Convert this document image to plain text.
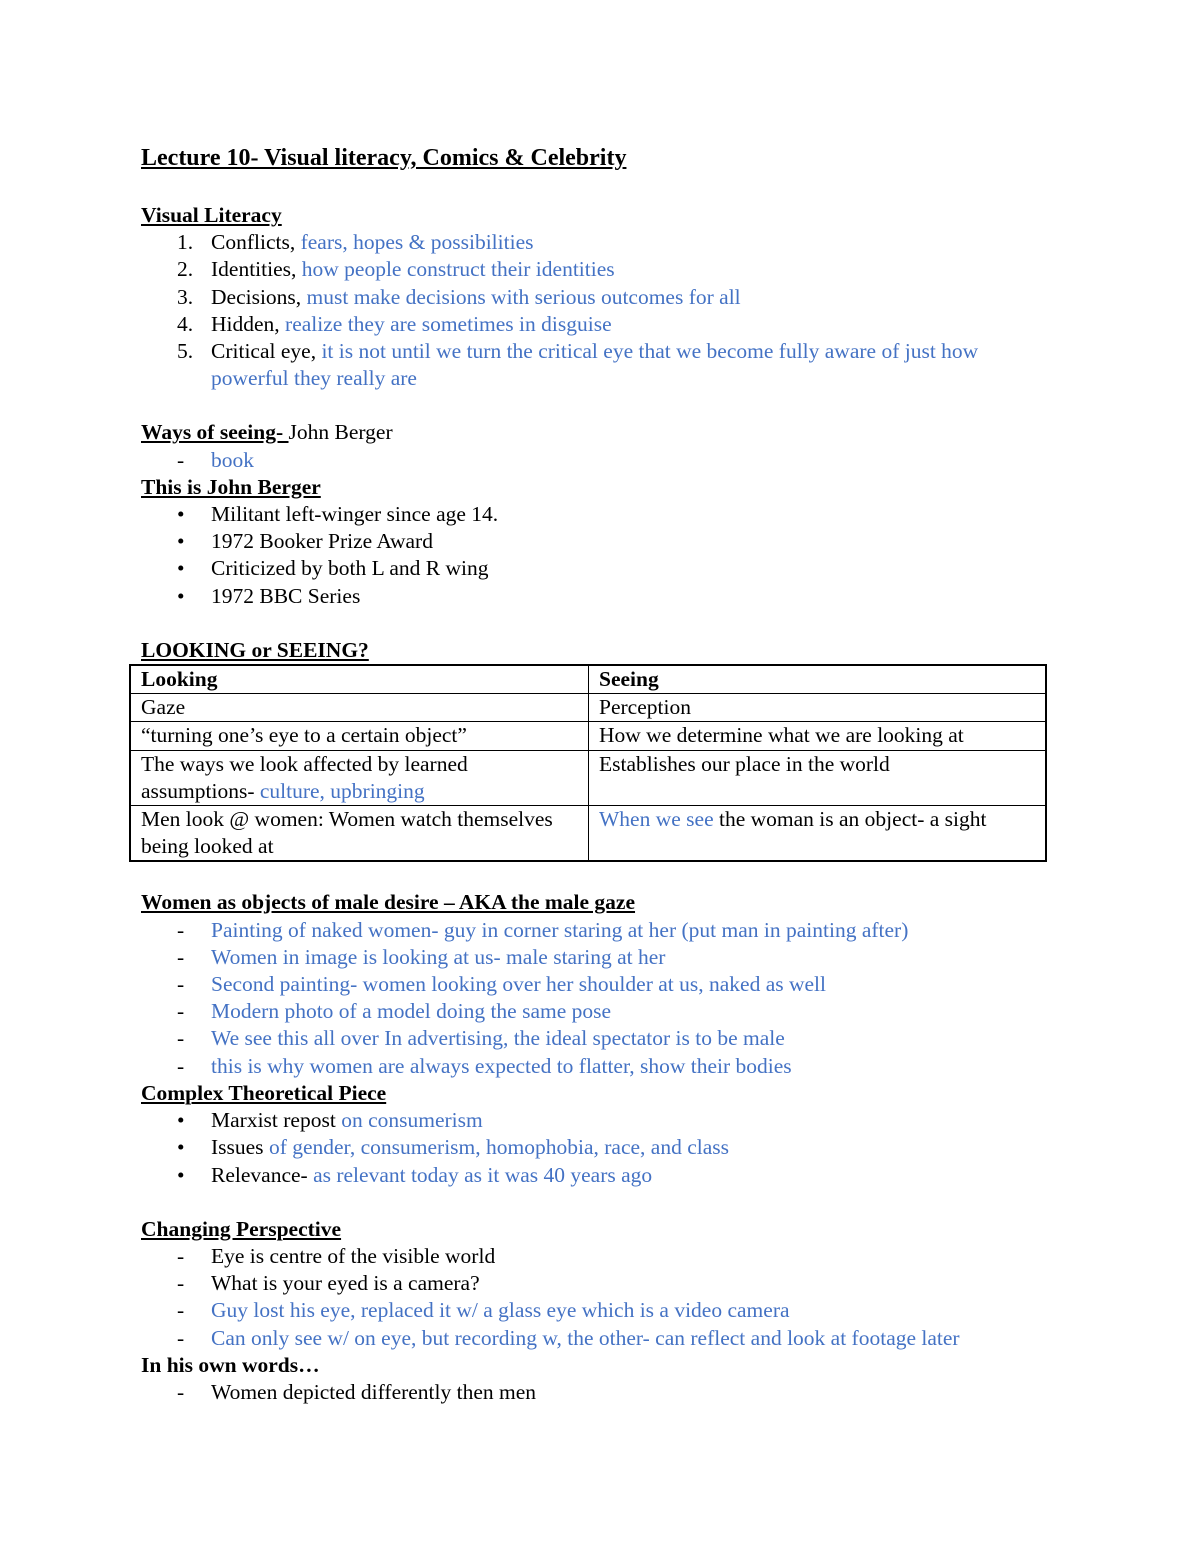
Lecture 10- Visual literacy, Comics & Celebrity
Visual Literacy
1. Conflicts, fears, hopes & possibilities
2. Identities, how people construct their identities
3. Decisions, must make decisions with serious outcomes for all
4. Hidden, realize they are sometimes in disguise
5. Critical eye, it is not until we turn the critical eye that we become fully aware of just how powerful they really are
Ways of seeing- John Berger
- book
This is John Berger
• Militant left-winger since age 14.
• 1972 Booker Prize Award
• Criticized by both L and R wing
• 1972 BBC Series
LOOKING or SEEING?
Looking	Seeing
Gaze	Perception
“turning one’s eye to a certain object”	How we determine what we are looking at
The ways we look affected by learned assumptions- culture, upbringing	Establishes our place in the world
Men look @ women: Women watch themselves being looked at	When we see the woman is an object- a sight
Women as objects of male desire – AKA the male gaze
- Painting of naked women- guy in corner staring at her (put man in painting after)
- Women in image is looking at us- male staring at her
- Second painting- women looking over her shoulder at us, naked as well
- Modern photo of a model doing the same pose
- We see this all over In advertising, the ideal spectator is to be male
- this is why women are always expected to flatter, show their bodies
Complex Theoretical Piece
• Marxist repost on consumerism
• Issues of gender, consumerism, homophobia, race, and class
• Relevance- as relevant today as it was 40 years ago
Changing Perspective
- Eye is centre of the visible world
- What is your eyed is a camera?
- Guy lost his eye, replaced it w/ a glass eye which is a video camera
- Can only see w/ on eye, but recording w, the other- can reflect and look at footage later
In his own words…
- Women depicted differently then men
